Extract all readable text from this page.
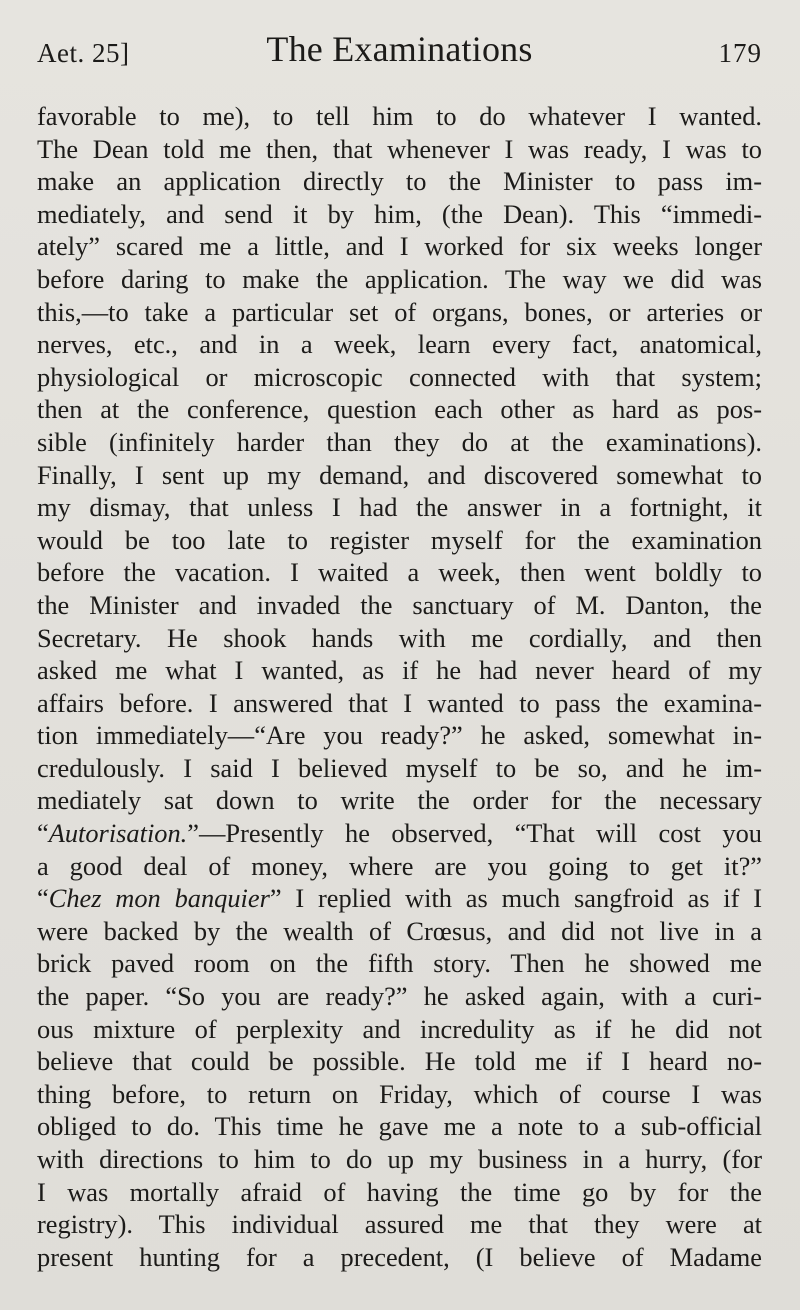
Aet. 25]	The Examinations	179
favorable to me), to tell him to do whatever I wanted.
The Dean told me then, that whenever I was ready, I was to
make an application directly to the Minister to pass im-
mediately, and send it by him, (the Dean). This “immedi-
ately” scared me a little, and I worked for six weeks longer
before daring to make the application. The way we did was
this,—to take a particular set of organs, bones, or arteries or
nerves, etc., and in a week, learn every fact, anatomical,
physiological or microscopic connected with that system;
then at the conference, question each other as hard as pos-
sible (infinitely harder than they do at the examinations).
Finally, I sent up my demand, and discovered somewhat to
my dismay, that unless I had the answer in a fortnight, it
would be too late to register myself for the examination
before the vacation. I waited a week, then went boldly to
the Minister and invaded the sanctuary of M. Danton, the
Secretary. He shook hands with me cordially, and then
asked me what I wanted, as if he had never heard of my
affairs before. I answered that I wanted to pass the examina-
tion immediately—“Are you ready?” he asked, somewhat in-
credulously. I said I believed myself to be so, and he im-
mediately sat down to write the order for the necessary
“Autorisation.”—Presently he observed, “That will cost you
a good deal of money, where are you going to get it?”
“Chez mon banquier” I replied with as much sangfroid as if I
were backed by the wealth of Crœsus, and did not live in a
brick paved room on the fifth story. Then he showed me
the paper. “So you are ready?” he asked again, with a curi-
ous mixture of perplexity and incredulity as if he did not
believe that could be possible. He told me if I heard no-
thing before, to return on Friday, which of course I was
obliged to do. This time he gave me a note to a sub-official
with directions to him to do up my business in a hurry, (for
I was mortally afraid of having the time go by for the
registry). This individual assured me that they were at
present hunting for a precedent, (I believe of Madame
